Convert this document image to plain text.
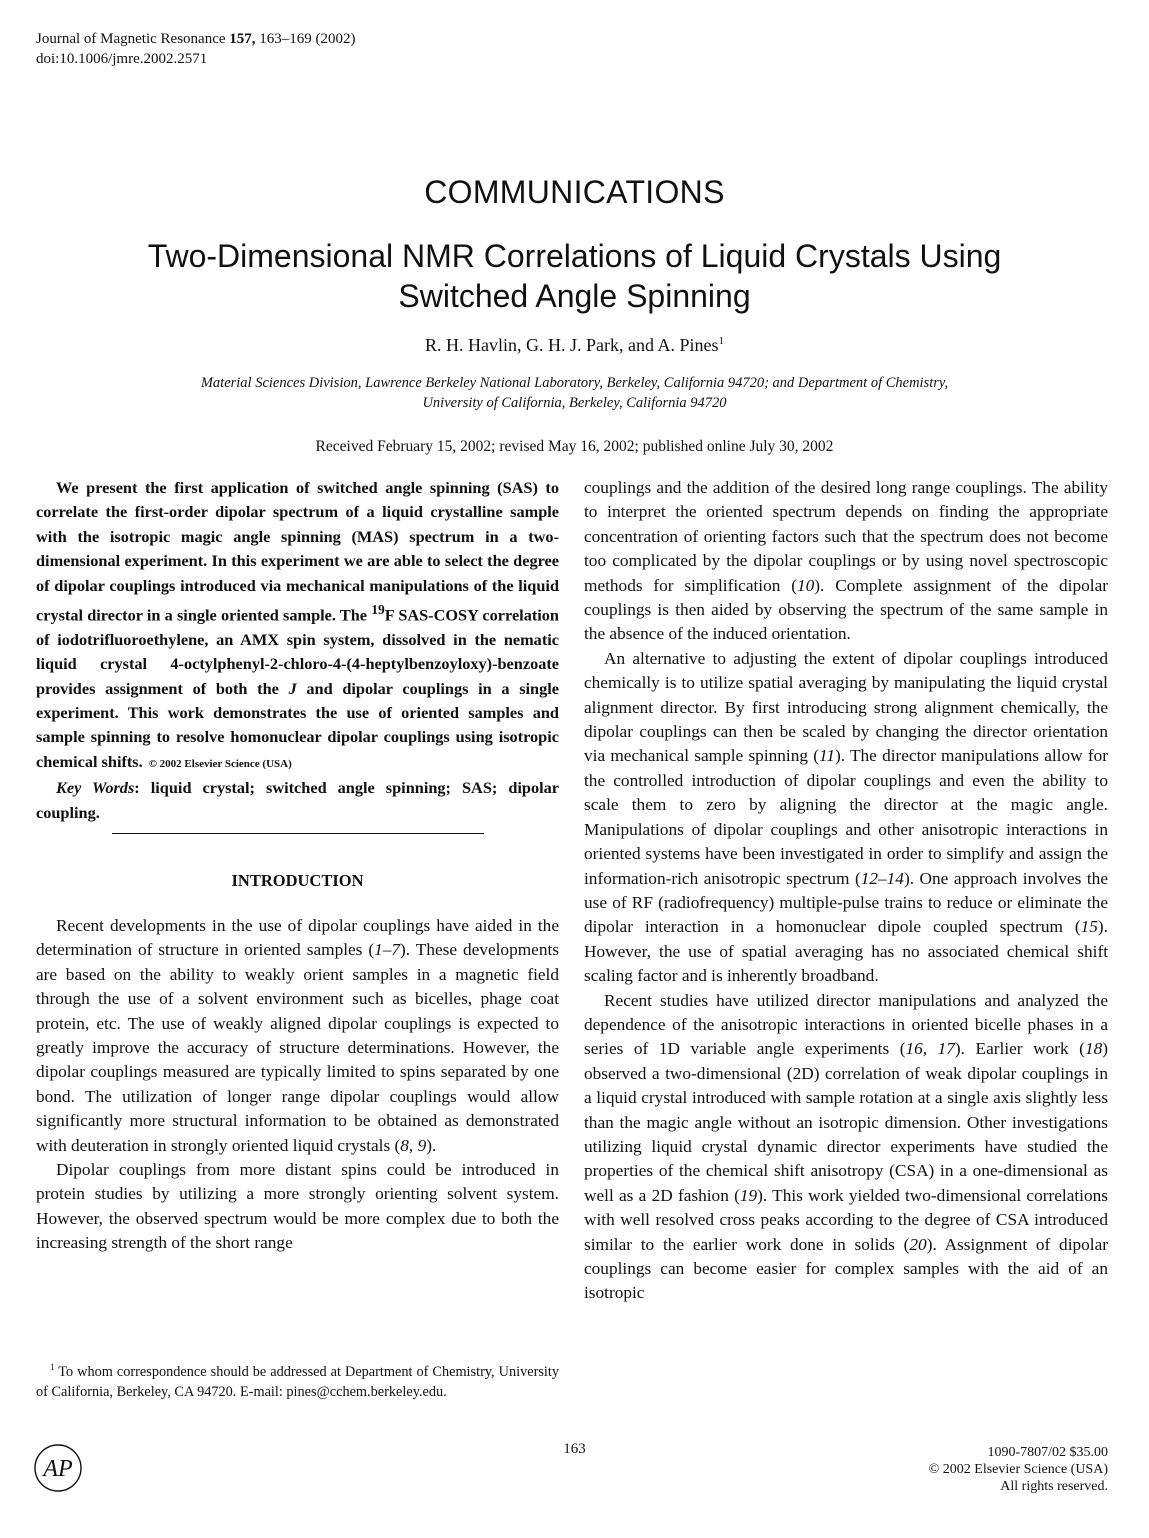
Journal of Magnetic Resonance 157, 163–169 (2002)
doi:10.1006/jmre.2002.2571
COMMUNICATIONS
Two-Dimensional NMR Correlations of Liquid Crystals Using
Switched Angle Spinning
R. H. Havlin, G. H. J. Park, and A. Pines$^1$
Material Sciences Division, Lawrence Berkeley National Laboratory, Berkeley, California 94720; and Department of Chemistry,
University of California, Berkeley, California 94720
Received February 15, 2002; revised May 16, 2002; published online July 30, 2002

We present the first application of switched angle spinning (SAS) to correlate the first-order dipolar spectrum of a liquid crystalline sample with the isotropic magic angle spinning (MAS) spectrum in a two-dimensional experiment. In this experiment we are able to select the degree of dipolar couplings introduced via mechanical manipulations of the liquid crystal director in a single oriented sample. The $^{19}$F SAS-COSY correlation of iodotrifluoroethylene, an AMX spin system, dissolved in the nematic liquid crystal 4-octylphenyl-2-chloro-4-(4-heptylbenzoyloxy)-benzoate provides assignment of both the J and dipolar couplings in a single experiment. This work demonstrates the use of oriented samples and sample spinning to resolve homonuclear dipolar couplings using isotropic chemical shifts. © 2002 Elsevier Science (USA)

Key Words: liquid crystal; switched angle spinning; SAS; dipolar coupling.

INTRODUCTION

Recent developments in the use of dipolar couplings have aided in the determination of structure in oriented samples (1–7). These developments are based on the ability to weakly orient samples in a magnetic field through the use of a solvent environment such as bicelles, phage coat protein, etc. The use of weakly aligned dipolar couplings is expected to greatly improve the accuracy of structure determinations. However, the dipolar couplings measured are typically limited to spins separated by one bond. The utilization of longer range dipolar couplings would allow significantly more structural information to be obtained as demonstrated with deuteration in strongly oriented liquid crystals (8, 9).

Dipolar couplings from more distant spins could be introduced in protein studies by utilizing a more strongly orienting solvent system. However, the observed spectrum would be more complex due to both the increasing strength of the short range

$^1$ To whom correspondence should be addressed at Department of Chemistry, University of California, Berkeley, CA 94720. E-mail: pines@cchem.berkeley.edu.

couplings and the addition of the desired long range couplings. The ability to interpret the oriented spectrum depends on finding the appropriate concentration of orienting factors such that the spectrum does not become too complicated by the dipolar couplings or by using novel spectroscopic methods for simplification (10). Complete assignment of the dipolar couplings is then aided by observing the spectrum of the same sample in the absence of the induced orientation.

An alternative to adjusting the extent of dipolar couplings introduced chemically is to utilize spatial averaging by manipulating the liquid crystal alignment director. By first introducing strong alignment chemically, the dipolar couplings can then be scaled by changing the director orientation via mechanical sample spinning (11). The director manipulations allow for the controlled introduction of dipolar couplings and even the ability to scale them to zero by aligning the director at the magic angle. Manipulations of dipolar couplings and other anisotropic interactions in oriented systems have been investigated in order to simplify and assign the information-rich anisotropic spectrum (12–14). One approach involves the use of RF (radiofrequency) multiple-pulse trains to reduce or eliminate the dipolar interaction in a homonuclear dipole coupled spectrum (15). However, the use of spatial averaging has no associated chemical shift scaling factor and is inherently broadband.

Recent studies have utilized director manipulations and analyzed the dependence of the anisotropic interactions in oriented bicelle phases in a series of 1D variable angle experiments (16, 17). Earlier work (18) observed a two-dimensional (2D) correlation of weak dipolar couplings in a liquid crystal introduced with sample rotation at a single axis slightly less than the magic angle without an isotropic dimension. Other investigations utilizing liquid crystal dynamic director experiments have studied the properties of the chemical shift anisotropy (CSA) in a one-dimensional as well as a 2D fashion (19). This work yielded two-dimensional correlations with well resolved cross peaks according to the degree of CSA introduced similar to the earlier work done in solids (20). Assignment of dipolar couplings can become easier for complex samples with the aid of an isotropic

AP
163	1090-7807/02 $35.00
© 2002 Elsevier Science (USA)
All rights reserved.
